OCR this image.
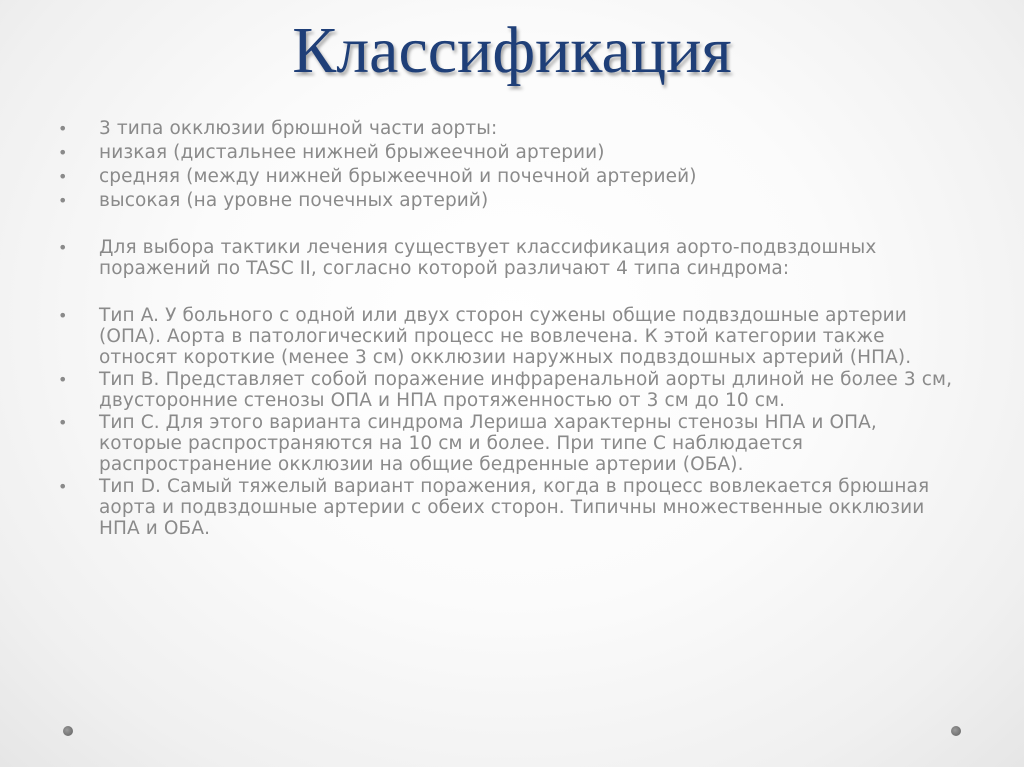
Классификация
• 3 типа окклюзии брюшной части аорты:
• низкая (дистальнее нижней брыжеечной артерии)
• средняя (между нижней брыжеечной и почечной артерией)
• высокая (на уровне почечных артерий)
• Для выбора тактики лечения существует классификация аорто-подвздошных поражений по TASC II, согласно которой различают 4 типа синдрома:
• Тип A. У больного с одной или двух сторон сужены общие подвздошные артерии (ОПА). Аорта в патологический процесс не вовлечена. К этой категории также относят короткие (менее 3 см) окклюзии наружных подвздошных артерий (НПА).
• Тип B. Представляет собой поражение инфраренальной аорты длиной не более 3 см, двусторонние стенозы ОПА и НПА протяженностью от 3 см до 10 см.
• Тип C. Для этого варианта синдрома Лериша характерны стенозы НПА и ОПА, которые распространяются на 10 см и более. При типе C наблюдается распространение окклюзии на общие бедренные артерии (ОБА).
• Тип D. Самый тяжелый вариант поражения, когда в процесс вовлекается брюшная аорта и подвздошные артерии с обеих сторон. Типичны множественные окклюзии НПА и ОБА.
